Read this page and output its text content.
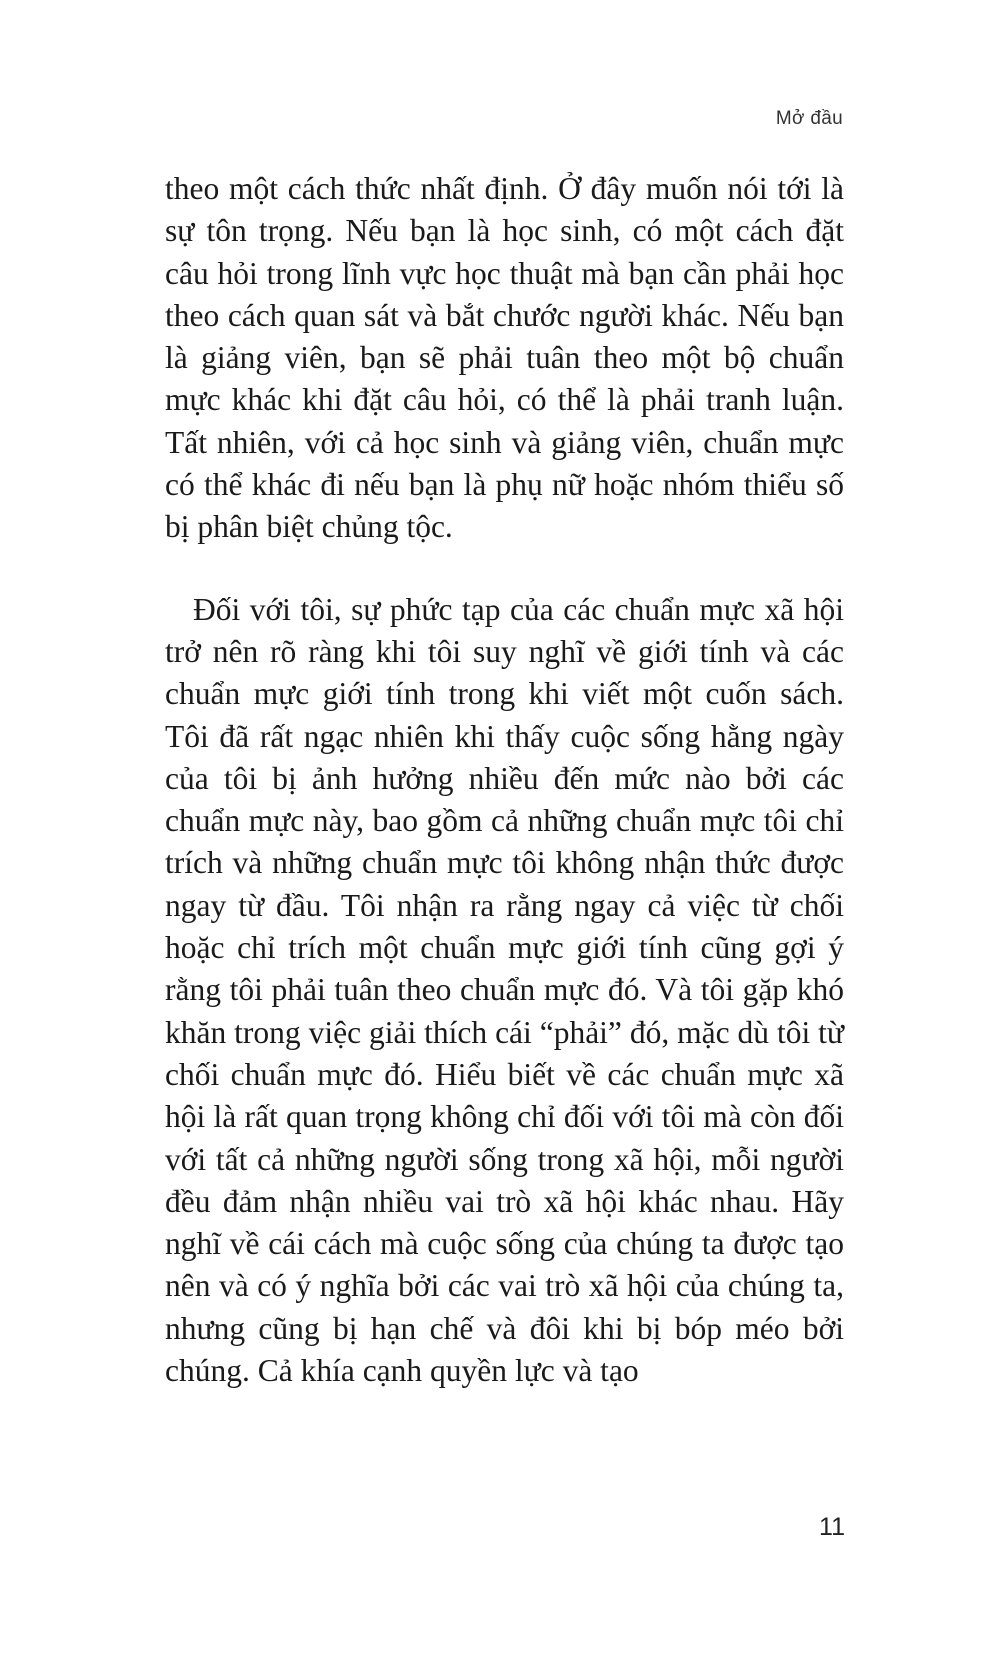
Mở đầu

theo một cách thức nhất định. Ở đây muốn nói tới là sự tôn trọng. Nếu bạn là học sinh, có một cách đặt câu hỏi trong lĩnh vực học thuật mà bạn cần phải học theo cách quan sát và bắt chước người khác. Nếu bạn là giảng viên, bạn sẽ phải tuân theo một bộ chuẩn mực khác khi đặt câu hỏi, có thể là phải tranh luận. Tất nhiên, với cả học sinh và giảng viên, chuẩn mực có thể khác đi nếu bạn là phụ nữ hoặc nhóm thiểu số bị phân biệt chủng tộc.

Đối với tôi, sự phức tạp của các chuẩn mực xã hội trở nên rõ ràng khi tôi suy nghĩ về giới tính và các chuẩn mực giới tính trong khi viết một cuốn sách. Tôi đã rất ngạc nhiên khi thấy cuộc sống hằng ngày của tôi bị ảnh hưởng nhiều đến mức nào bởi các chuẩn mực này, bao gồm cả những chuẩn mực tôi chỉ trích và những chuẩn mực tôi không nhận thức được ngay từ đầu. Tôi nhận ra rằng ngay cả việc từ chối hoặc chỉ trích một chuẩn mực giới tính cũng gợi ý rằng tôi phải tuân theo chuẩn mực đó. Và tôi gặp khó khăn trong việc giải thích cái “phải” đó, mặc dù tôi từ chối chuẩn mực đó. Hiểu biết về các chuẩn mực xã hội là rất quan trọng không chỉ đối với tôi mà còn đối với tất cả những người sống trong xã hội, mỗi người đều đảm nhận nhiều vai trò xã hội khác nhau. Hãy nghĩ về cái cách mà cuộc sống của chúng ta được tạo nên và có ý nghĩa bởi các vai trò xã hội của chúng ta, nhưng cũng bị hạn chế và đôi khi bị bóp méo bởi chúng. Cả khía cạnh quyền lực và tạo

11
